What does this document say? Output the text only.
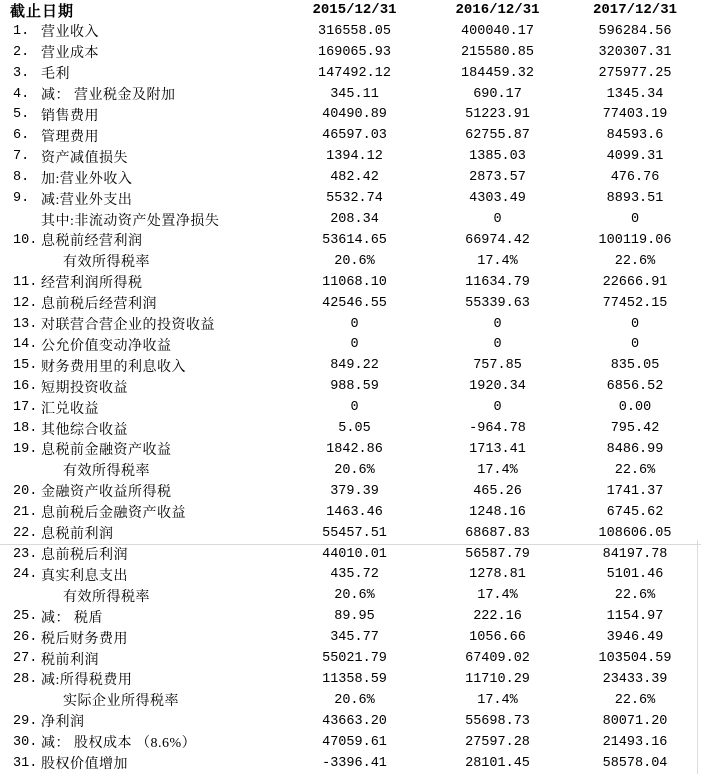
截止日期	2015/12/31	2016/12/31	2017/12/31
1. 营业收入	316558.05	400040.17	596284.56
2. 营业成本	169065.93	215580.85	320307.31
3. 毛利	147492.12	184459.32	275977.25
4. 减： 营业税金及附加	345.11	690.17	1345.34
5. 销售费用	40490.89	51223.91	77403.19
6. 管理费用	46597.03	62755.87	84593.6
7. 资产减值损失	1394.12	1385.03	4099.31
8. 加:营业外收入	482.42	2873.57	476.76
9. 减:营业外支出	5532.74	4303.49	8893.51
其中:非流动资产处置净损失	208.34	0	0
10. 息税前经营利润	53614.65	66974.42	100119.06
有效所得税率	20.6%	17.4%	22.6%
11. 经营利润所得税	11068.10	11634.79	22666.91
12. 息前税后经营利润	42546.55	55339.63	77452.15
13. 对联营合营企业的投资收益	0	0	0
14. 公允价值变动净收益	0	0	0
15. 财务费用里的利息收入	849.22	757.85	835.05
16. 短期投资收益	988.59	1920.34	6856.52
17. 汇兑收益	0	0	0.00
18. 其他综合收益	5.05	-964.78	795.42
19. 息税前金融资产收益	1842.86	1713.41	8486.99
有效所得税率	20.6%	17.4%	22.6%
20. 金融资产收益所得税	379.39	465.26	1741.37
21. 息前税后金融资产收益	1463.46	1248.16	6745.62
22. 息税前利润	55457.51	68687.83	108606.05
23. 息前税后利润	44010.01	56587.79	84197.78
24. 真实利息支出	435.72	1278.81	5101.46
有效所得税率	20.6%	17.4%	22.6%
25. 减： 税盾	89.95	222.16	1154.97
26. 税后财务费用	345.77	1056.66	3946.49
27. 税前利润	55021.79	67409.02	103504.59
28. 减:所得税费用	11358.59	11710.29	23433.39
实际企业所得税率	20.6%	17.4%	22.6%
29. 净利润	43663.20	55698.73	80071.20
30. 减： 股权成本 （8.6%）	47059.61	27597.28	21493.16
31. 股权价值增加	-3396.41	28101.45	58578.04
